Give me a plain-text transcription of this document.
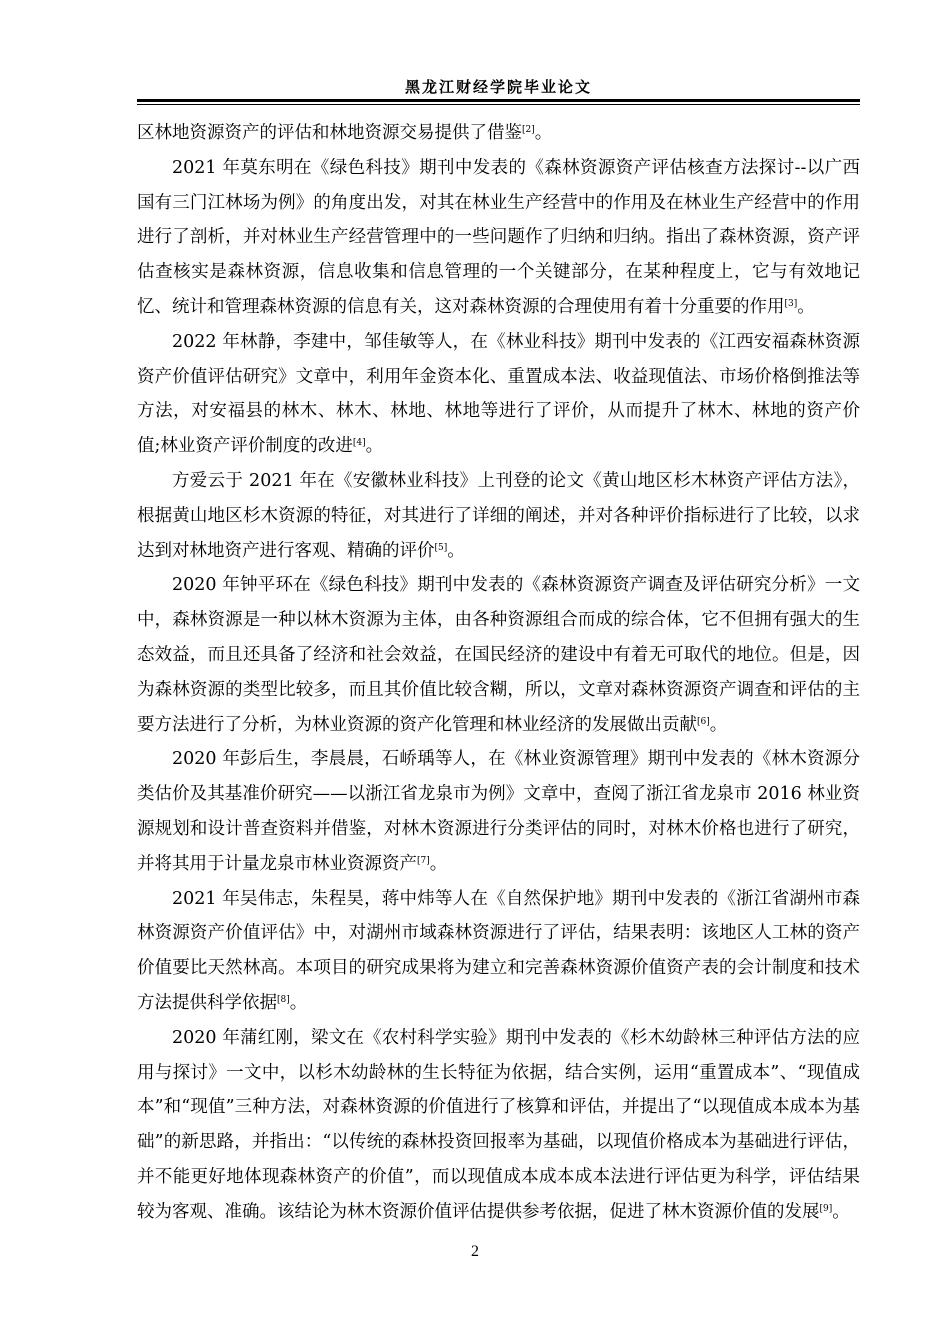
黑龙江财经学院毕业论文

区林地资源资产的评估和林地资源交易提供了借鉴[2]。

2021 年莫东明在《绿色科技》期刊中发表的《森林资源资产评估核查方法探讨--以广西国有三门江林场为例》的角度出发，对其在林业生产经营中的作用及在林业生产经营中的作用进行了剖析，并对林业生产经营管理中的一些问题作了归纳和归纳。指出了森林资源，资产评估查核实是森林资源，信息收集和信息管理的一个关键部分，在某种程度上，它与有效地记忆、统计和管理森林资源的信息有关，这对森林资源的合理使用有着十分重要的作用[3]。

2022 年林静，李建中，邹佳敏等人，在《林业科技》期刊中发表的《江西安福森林资源资产价值评估研究》文章中，利用年金资本化、重置成本法、收益现值法、市场价格倒推法等方法，对安福县的林木、林木、林地、林地等进行了评价，从而提升了林木、林地的资产价值;林业资产评价制度的改进[4]。

方爱云于 2021 年在《安徽林业科技》上刊登的论文《黄山地区杉木林资产评估方法》，根据黄山地区杉木资源的特征，对其进行了详细的阐述，并对各种评价指标进行了比较，以求达到对林地资产进行客观、精确的评价[5]。

2020 年钟平环在《绿色科技》期刊中发表的《森林资源资产调查及评估研究分析》一文中，森林资源是一种以林木资源为主体，由各种资源组合而成的综合体，它不但拥有强大的生态效益，而且还具备了经济和社会效益，在国民经济的建设中有着无可取代的地位。但是，因为森林资源的类型比较多，而且其价值比较含糊，所以，文章对森林资源资产调查和评估的主要方法进行了分析，为林业资源的资产化管理和林业经济的发展做出贡献[6]。

2020 年彭后生，李晨晨，石峤瑀等人，在《林业资源管理》期刊中发表的《林木资源分类估价及其基准价研究——以浙江省龙泉市为例》文章中，查阅了浙江省龙泉市 2016 林业资源规划和设计普查资料并借鉴，对林木资源进行分类评估的同时，对林木价格也进行了研究，并将其用于计量龙泉市林业资源资产[7]。

2021 年吴伟志，朱程昊，蒋中炜等人在《自然保护地》期刊中发表的《浙江省湖州市森林资源资产价值评估》中，对湖州市域森林资源进行了评估，结果表明：该地区人工林的资产价值要比天然林高。本项目的研究成果将为建立和完善森林资源价值资产表的会计制度和技术方法提供科学依据[8]。

2020 年蒲红刚，梁文在《农村科学实验》期刊中发表的《杉木幼龄林三种评估方法的应用与探讨》一文中，以杉木幼龄林的生长特征为依据，结合实例，运用“重置成本”、“现值成本”和“现值”三种方法，对森林资源的价值进行了核算和评估，并提出了“以现值成本成本为基础”的新思路，并指出：“以传统的森林投资回报率为基础，以现值价格成本为基础进行评估，并不能更好地体现森林资产的价值”，而以现值成本成本成本法进行评估更为科学，评估结果较为客观、准确。该结论为林木资源价值评估提供参考依据，促进了林木资源价值的发展[9]。

2
